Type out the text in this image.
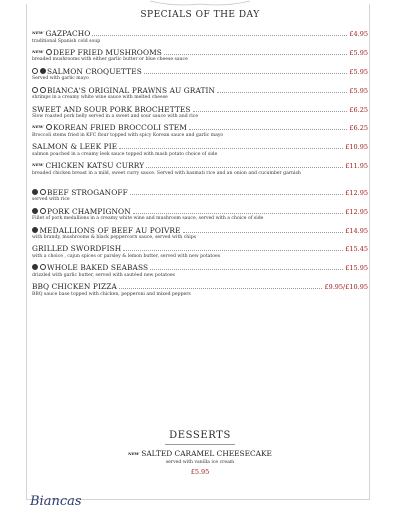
SPECIALS OF THE DAY
NEW GAZPACHO	£4.95
traditional Spanish cold soup
NEW DEEP FRIED MUSHROOMS	£5.95
breaded mushrooms with either garlic butter or blue cheese sauce
SALMON CROQUETTES	£5.95
Served with garlic mayo
BIANCA'S ORIGINAL PRAWNS AU GRATIN	£5.95
shrimps in a creamy white wine sauce with melted cheese
SWEET AND SOUR PORK BROCHETTES	£6.25
Slow roasted pork belly served in a sweet and sour sauce with and rice
NEW KOREAN FRIED BROCCOLI STEM	£6.25
Broccoli stems fried in KFC flour topped with spicy Korean sauce and garlic mayo
SALMON & LEEK PIE	£10.95
salmon poached in a creamy leek sauce topped with mash potato choice of side
NEW CHICKEN KATSU CURRY	£11.95
breaded chicken breast in a mild, sweet curry sauce. Served with basmati rice and an onion and cucumber garnish
BEEF STROGANOFF	£12.95
served with rice
PORK CHAMPIGNON	£12.95
Fillet of pork medallions in a creamy white wine and mushroom sauce, served with a choice of side
MEDALLIONS OF BEEF AU POIVRE	£14.95
with brandy, mushrooms & black peppercorn sauce, served with chips
GRILLED SWORDFISH	£15.45
with a choice , cajun spices or parsley & lemon butter, served with new potatoes
WHOLE BAKED SEABASS	£15.95
drizzled with garlic butter, served with sautéed new potatoes
BBQ CHICKEN PIZZA	£9.95/£10.95
BBQ sauce base topped with chicken, pepperoni and mixed peppers
DESSERTS
NEW SALTED CARAMEL CHEESECAKE
served with vanilla ice cream
£5.95
Biancas
